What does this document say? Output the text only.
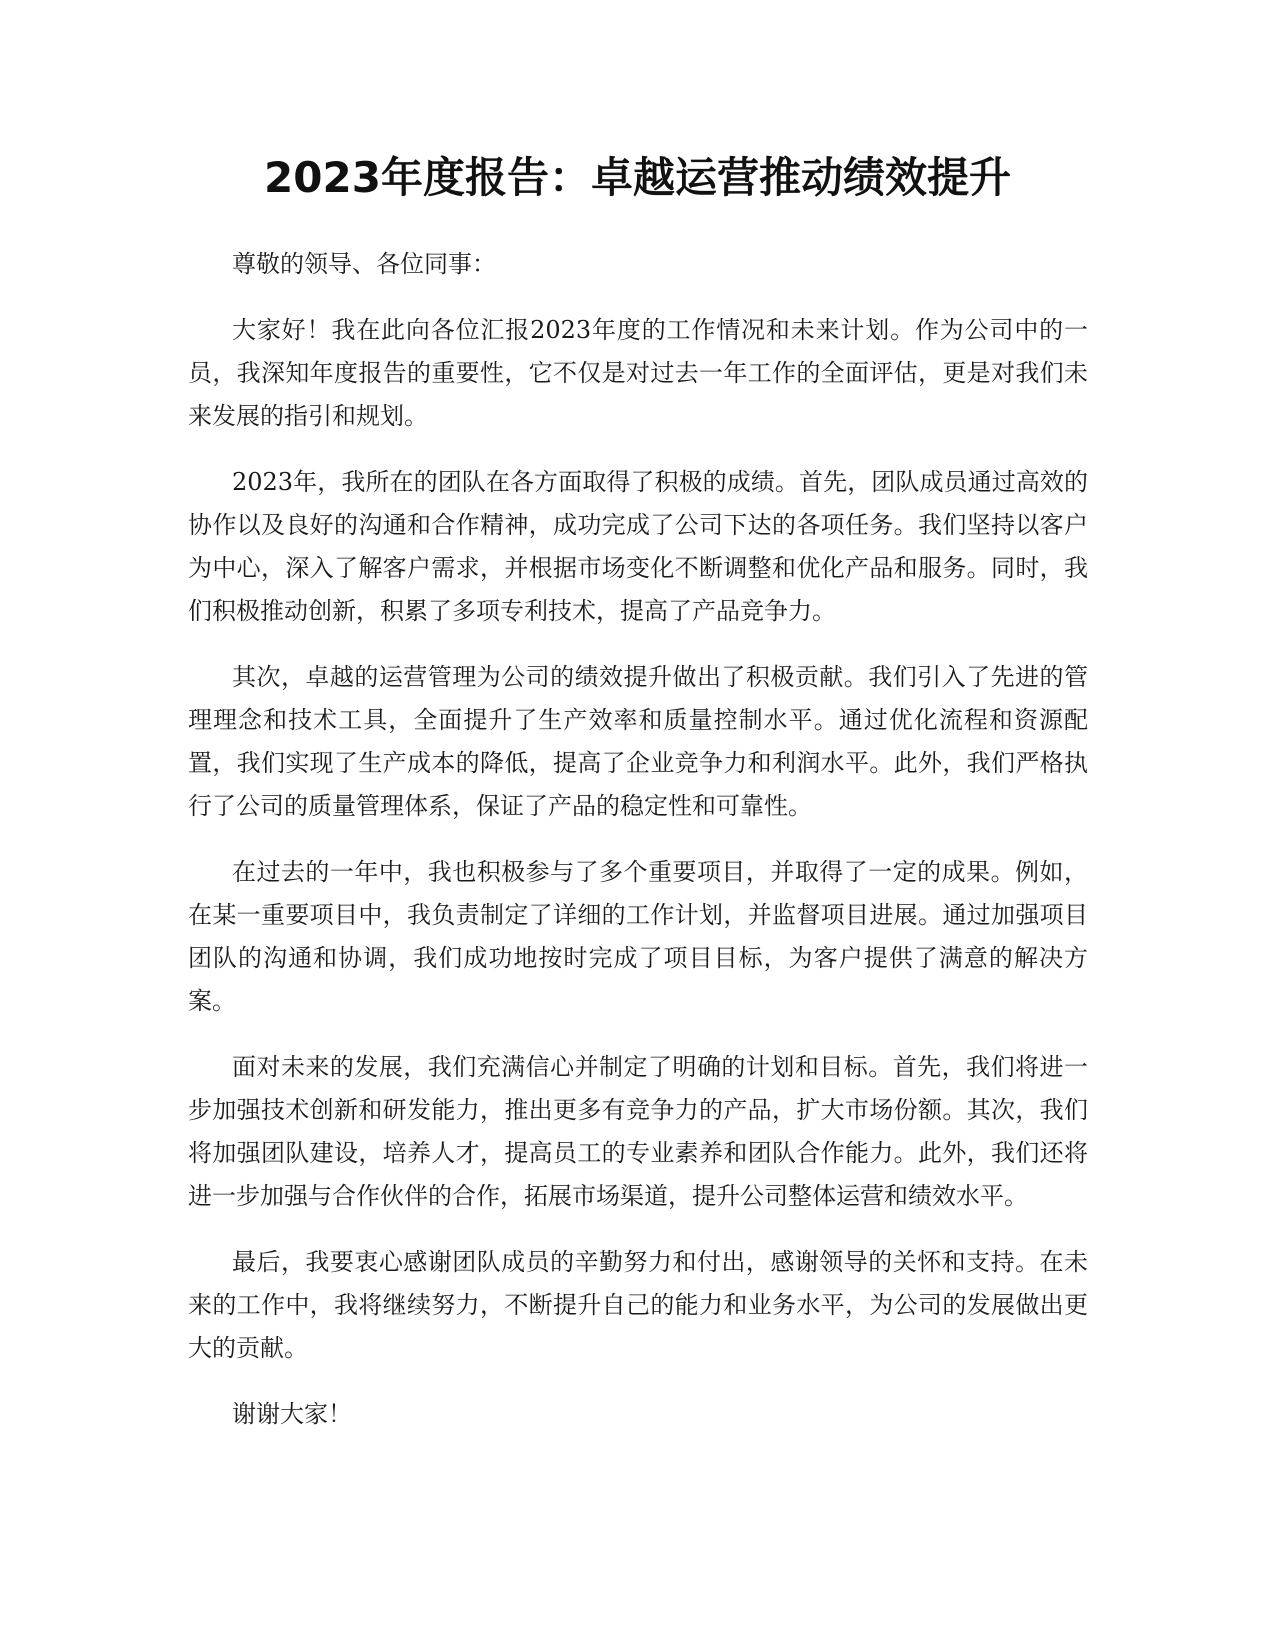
2023年度报告：卓越运营推动绩效提升

尊敬的领导、各位同事：

大家好！我在此向各位汇报2023年度的工作情况和未来计划。作为公司中的一员，我深知年度报告的重要性，它不仅是对过去一年工作的全面评估，更是对我们未来发展的指引和规划。

2023年，我所在的团队在各方面取得了积极的成绩。首先，团队成员通过高效的协作以及良好的沟通和合作精神，成功完成了公司下达的各项任务。我们坚持以客户为中心，深入了解客户需求，并根据市场变化不断调整和优化产品和服务。同时，我们积极推动创新，积累了多项专利技术，提高了产品竞争力。

其次，卓越的运营管理为公司的绩效提升做出了积极贡献。我们引入了先进的管理理念和技术工具，全面提升了生产效率和质量控制水平。通过优化流程和资源配置，我们实现了生产成本的降低，提高了企业竞争力和利润水平。此外，我们严格执行了公司的质量管理体系，保证了产品的稳定性和可靠性。

在过去的一年中，我也积极参与了多个重要项目，并取得了一定的成果。例如，在某一重要项目中，我负责制定了详细的工作计划，并监督项目进展。通过加强项目团队的沟通和协调，我们成功地按时完成了项目目标，为客户提供了满意的解决方案。

面对未来的发展，我们充满信心并制定了明确的计划和目标。首先，我们将进一步加强技术创新和研发能力，推出更多有竞争力的产品，扩大市场份额。其次，我们将加强团队建设，培养人才，提高员工的专业素养和团队合作能力。此外，我们还将进一步加强与合作伙伴的合作，拓展市场渠道，提升公司整体运营和绩效水平。

最后，我要衷心感谢团队成员的辛勤努力和付出，感谢领导的关怀和支持。在未来的工作中，我将继续努力，不断提升自己的能力和业务水平，为公司的发展做出更大的贡献。

谢谢大家！
